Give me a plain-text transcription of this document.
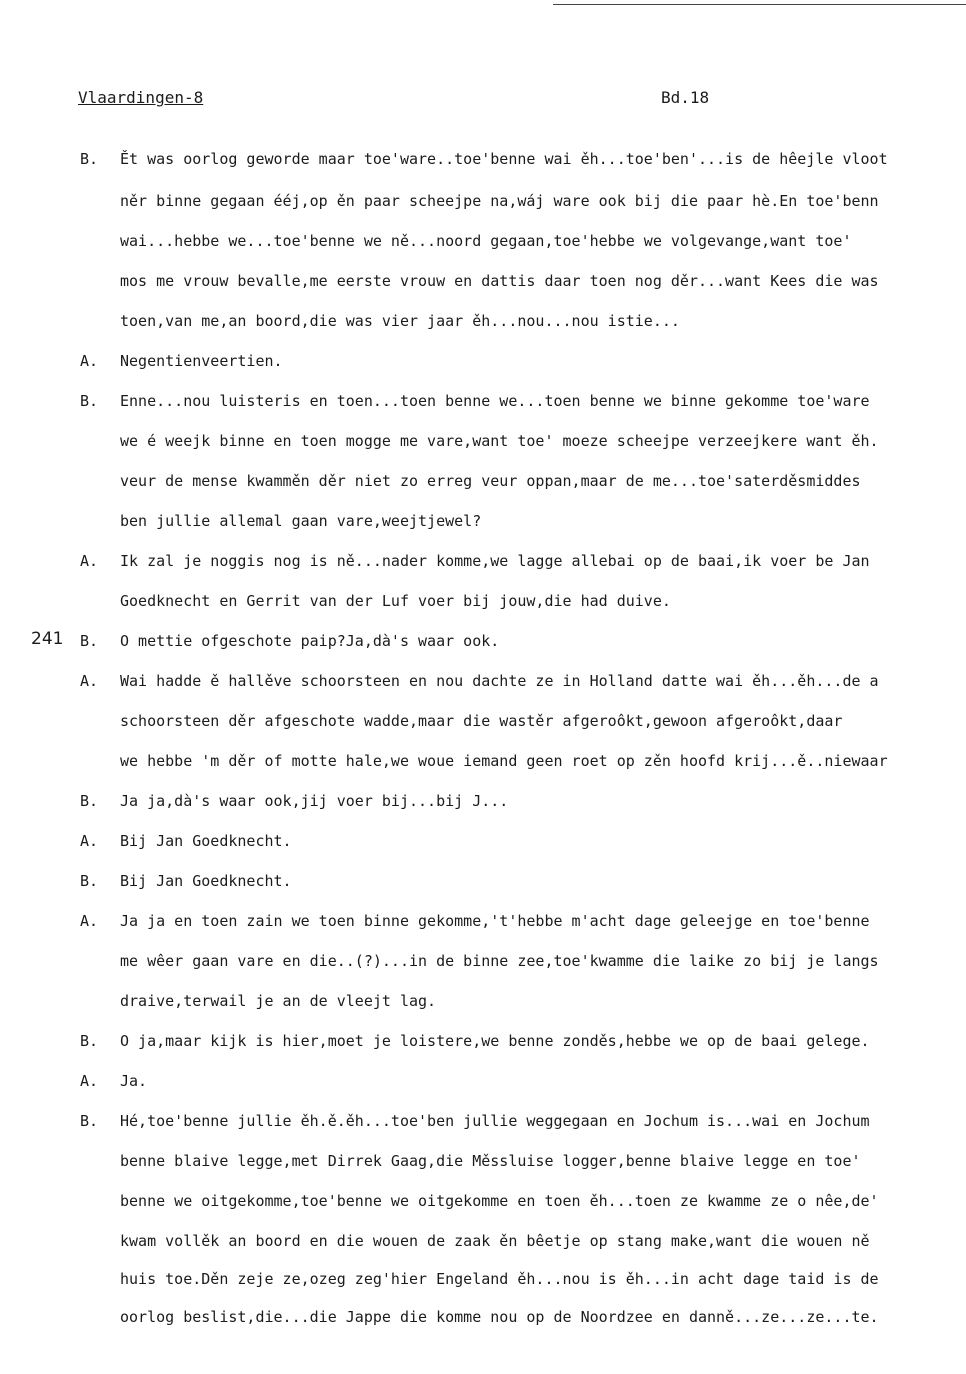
Vlaardingen-8	Bd.18
241
B. Ět was oorlog geworde maar toe'ware..toe'benne wai ěh...toe'ben'...is de hêejle vloot
něr binne gegaan ééj,op ěn paar scheejpe na,wáj ware ook bij die paar hè.En toe'benn
wai...hebbe we...toe'benne we ně...noord gegaan,toe'hebbe we volgevange,want toe'
mos me vrouw bevalle,me eerste vrouw en dattis daar toen nog děr...want Kees die was
toen,van me,an boord,die was vier jaar ěh...nou...nou istie...
A. Negentienveertien.
B. Enne...nou luisteris en toen...toen benne we...toen benne we binne gekomme toe'ware
we é weejk binne en toen mogge me vare,want toe' moeze scheejpe verzeejkere want ěh.
veur de mense kwamměn děr niet zo erreg veur oppan,maar de me...toe'saterděsmiddes
ben jullie allemal gaan vare,weejtjewel?
A. Ik zal je noggis nog is ně...nader komme,we lagge allebai op de baai,ik voer be Jan
Goedknecht en Gerrit van der Luf voer bij jouw,die had duive.
B. O mettie ofgeschote paip?Ja,dà's waar ook.
A. Wai hadde ě hallěve schoorsteen en nou dachte ze in Holland datte wai ěh...ěh...de a
schoorsteen děr afgeschote wadde,maar die wastěr afgeroôkt,gewoon afgeroôkt,daar
we hebbe 'm děr of motte hale,we woue iemand geen roet op zěn hoofd krij...ě..niewaar
B. Ja ja,dà's waar ook,jij voer bij...bij J...
A. Bij Jan Goedknecht.
B. Bij Jan Goedknecht.
A. Ja ja en toen zain we toen binne gekomme,'t'hebbe m'acht dage geleejge en toe'benne
me wêer gaan vare en die..(?)...in de binne zee,toe'kwamme die laike zo bij je langs
draive,terwail je an de vleejt lag.
B. O ja,maar kijk is hier,moet je loistere,we benne zonděs,hebbe we op de baai gelege.
A. Ja.
B. Hé,toe'benne jullie ěh.ě.ěh...toe'ben jullie weggegaan en Jochum is...wai en Jochum
benne blaive legge,met Dirrek Gaag,die Měssluise logger,benne blaive legge en toe'
benne we oitgekomme,toe'benne we oitgekomme en toen ěh...toen ze kwamme ze o nêe,de'
kwam vollěk an boord en die wouen de zaak ěn bêetje op stang make,want die wouen ně
huis toe.Děn zeje ze,ozeg zeg'hier Engeland ěh...nou is ěh...in acht dage taid is de
oorlog beslist,die...die Jappe die komme nou op de Noordzee en danně...ze...ze...te.
